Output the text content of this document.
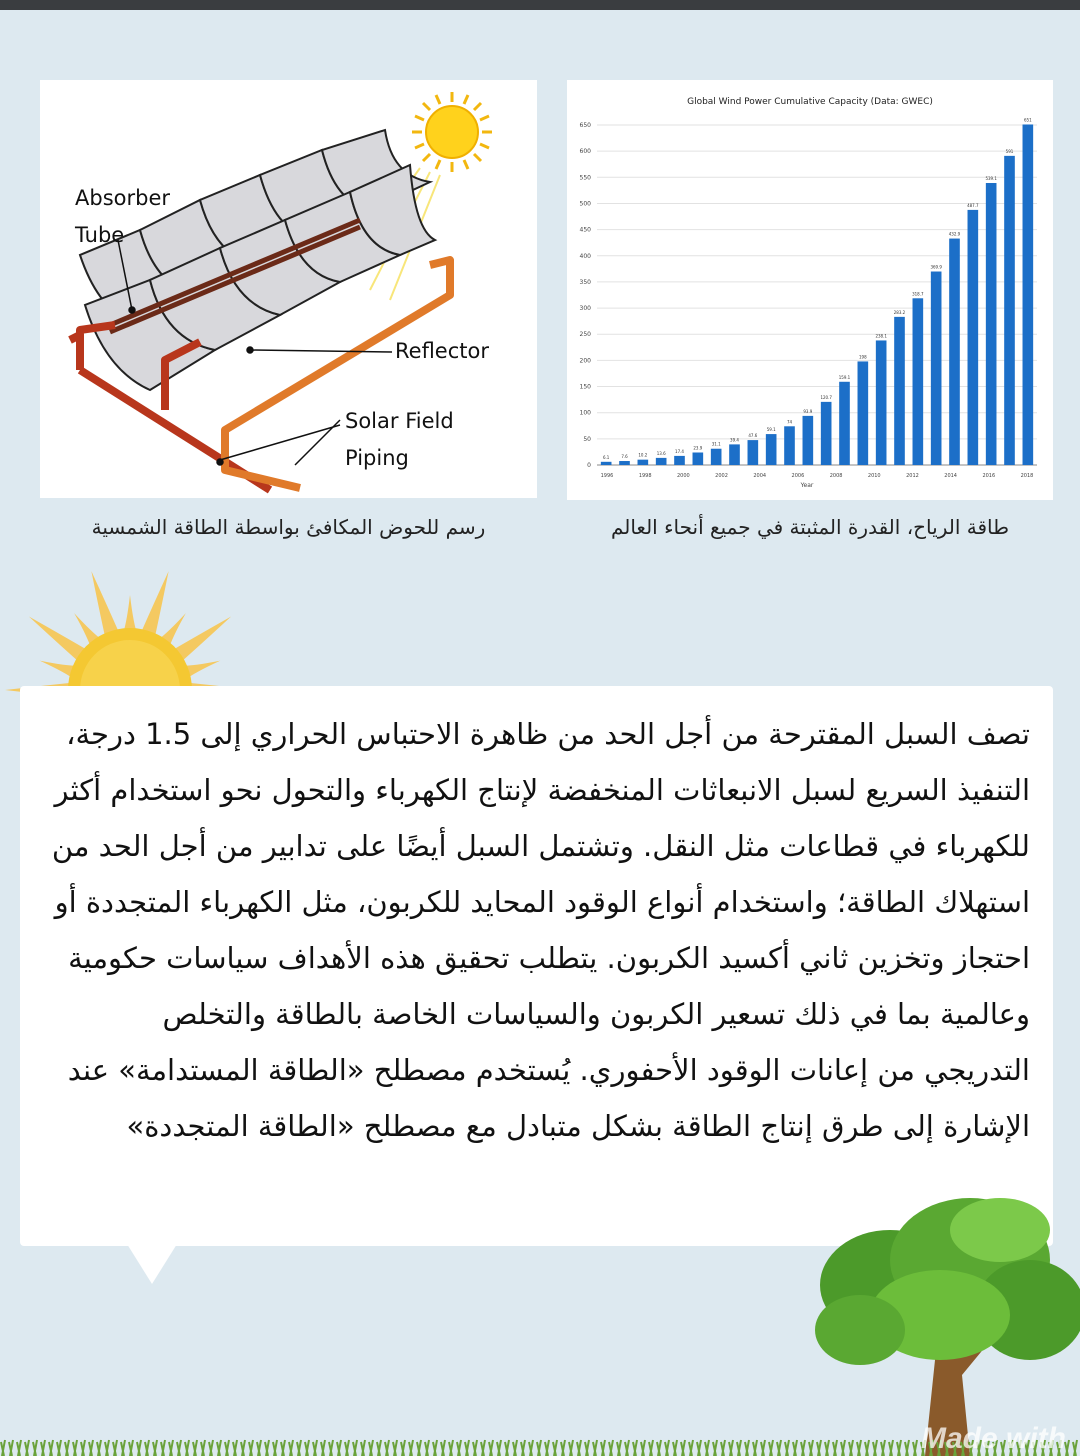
Absorber
Tube
Reflector
Solar Field
Piping
Global Wind Power Cumulative Capacity (Data: GWEC)
0
50
100
150
200
250
300
350
400
450
500
550
600
650
6.1	7.6	10.2 13.6 17.4
23.9
31.1
39.4
47.6
59.1
74
93.9
120.7
159.1
198
238.1
283.2
318.7
369.9
432.9
487.7
539.1
591
651
1996	1998	2000	2002	2004	2006	2008	2010	2012	2014	2016	2018
Year
رسم للحوض المكافئ بواسطة الطاقة الشمسية	طاقة الرياح، القدرة المثبتة في جميع أنحاء العالم
تصف السبل المقترحة من أجل الحد من ظاهرة الاحتباس الحراري إلى 1.5 درجة، التنفيذ السريع لسبل الانبعاثات المنخفضة لإنتاج الكهرباء والتحول نحو استخدام أكثر للكهرباء في قطاعات مثل النقل. وتشتمل السبل أيضًا على تدابير من أجل الحد من استهلاك الطاقة؛ واستخدام أنواع الوقود المحايد للكربون، مثل الكهرباء المتجددة أو احتجاز وتخزين ثاني أكسيد الكربون. يتطلب تحقيق هذه الأهداف سياسات حكومية وعالمية بما في ذلك تسعير الكربون والسياسات الخاصة بالطاقة والتخلص التدريجي من إعانات الوقود الأحفوري. يُستخدم مصطلح «الطاقة المستدامة» عند الإشارة إلى طرق إنتاج الطاقة بشكل متبادل مع مصطلح «الطاقة المتجددة»
Made with
